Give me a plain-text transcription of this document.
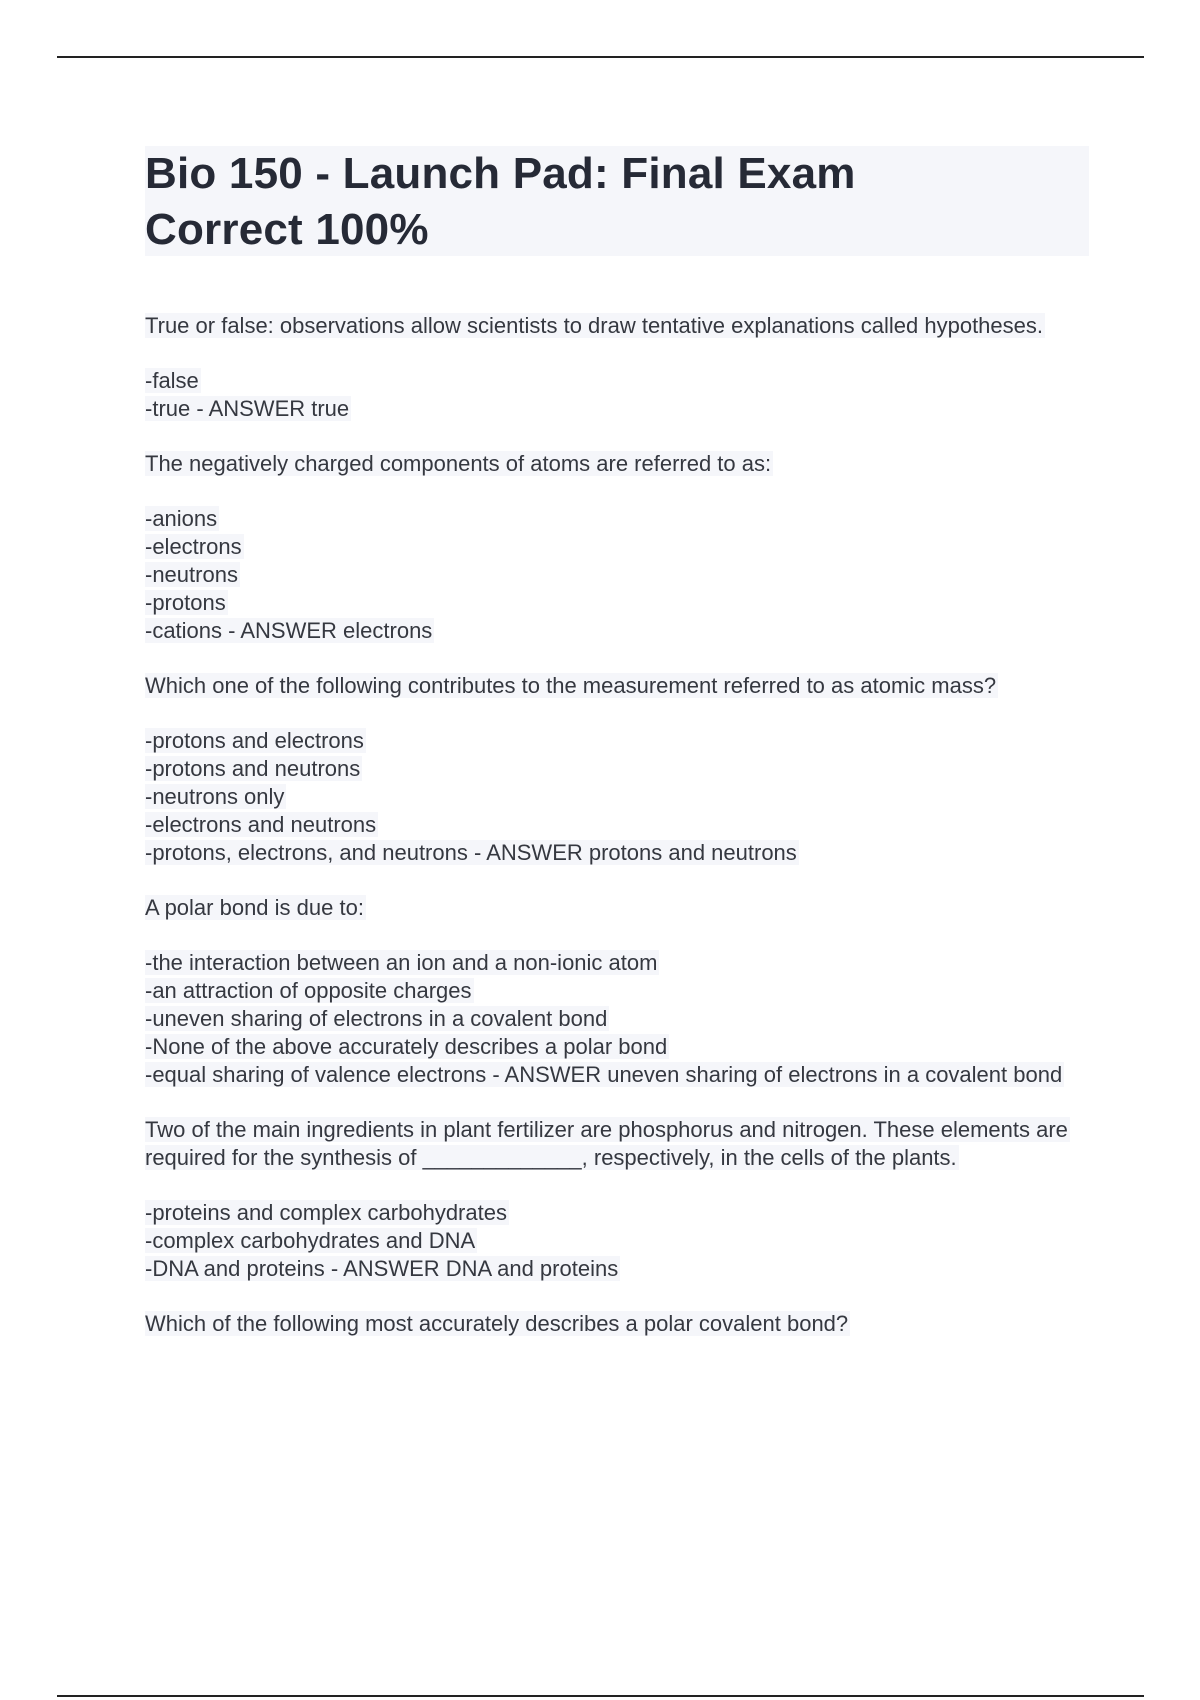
Bio 150 - Launch Pad: Final Exam
Correct 100%
True or false: observations allow scientists to draw tentative explanations called hypotheses.
-false
-true - ANSWER true
The negatively charged components of atoms are referred to as:
-anions
-electrons
-neutrons
-protons
-cations - ANSWER electrons
Which one of the following contributes to the measurement referred to as atomic mass?
-protons and electrons
-protons and neutrons
-neutrons only
-electrons and neutrons
-protons, electrons, and neutrons - ANSWER protons and neutrons
A polar bond is due to:
-the interaction between an ion and a non-ionic atom
-an attraction of opposite charges
-uneven sharing of electrons in a covalent bond
-None of the above accurately describes a polar bond
-equal sharing of valence electrons - ANSWER uneven sharing of electrons in a covalent bond
Two of the main ingredients in plant fertilizer are phosphorus and nitrogen. These elements are required for the synthesis of _____________, respectively, in the cells of the plants.
-proteins and complex carbohydrates
-complex carbohydrates and DNA
-DNA and proteins - ANSWER DNA and proteins
Which of the following most accurately describes a polar covalent bond?
